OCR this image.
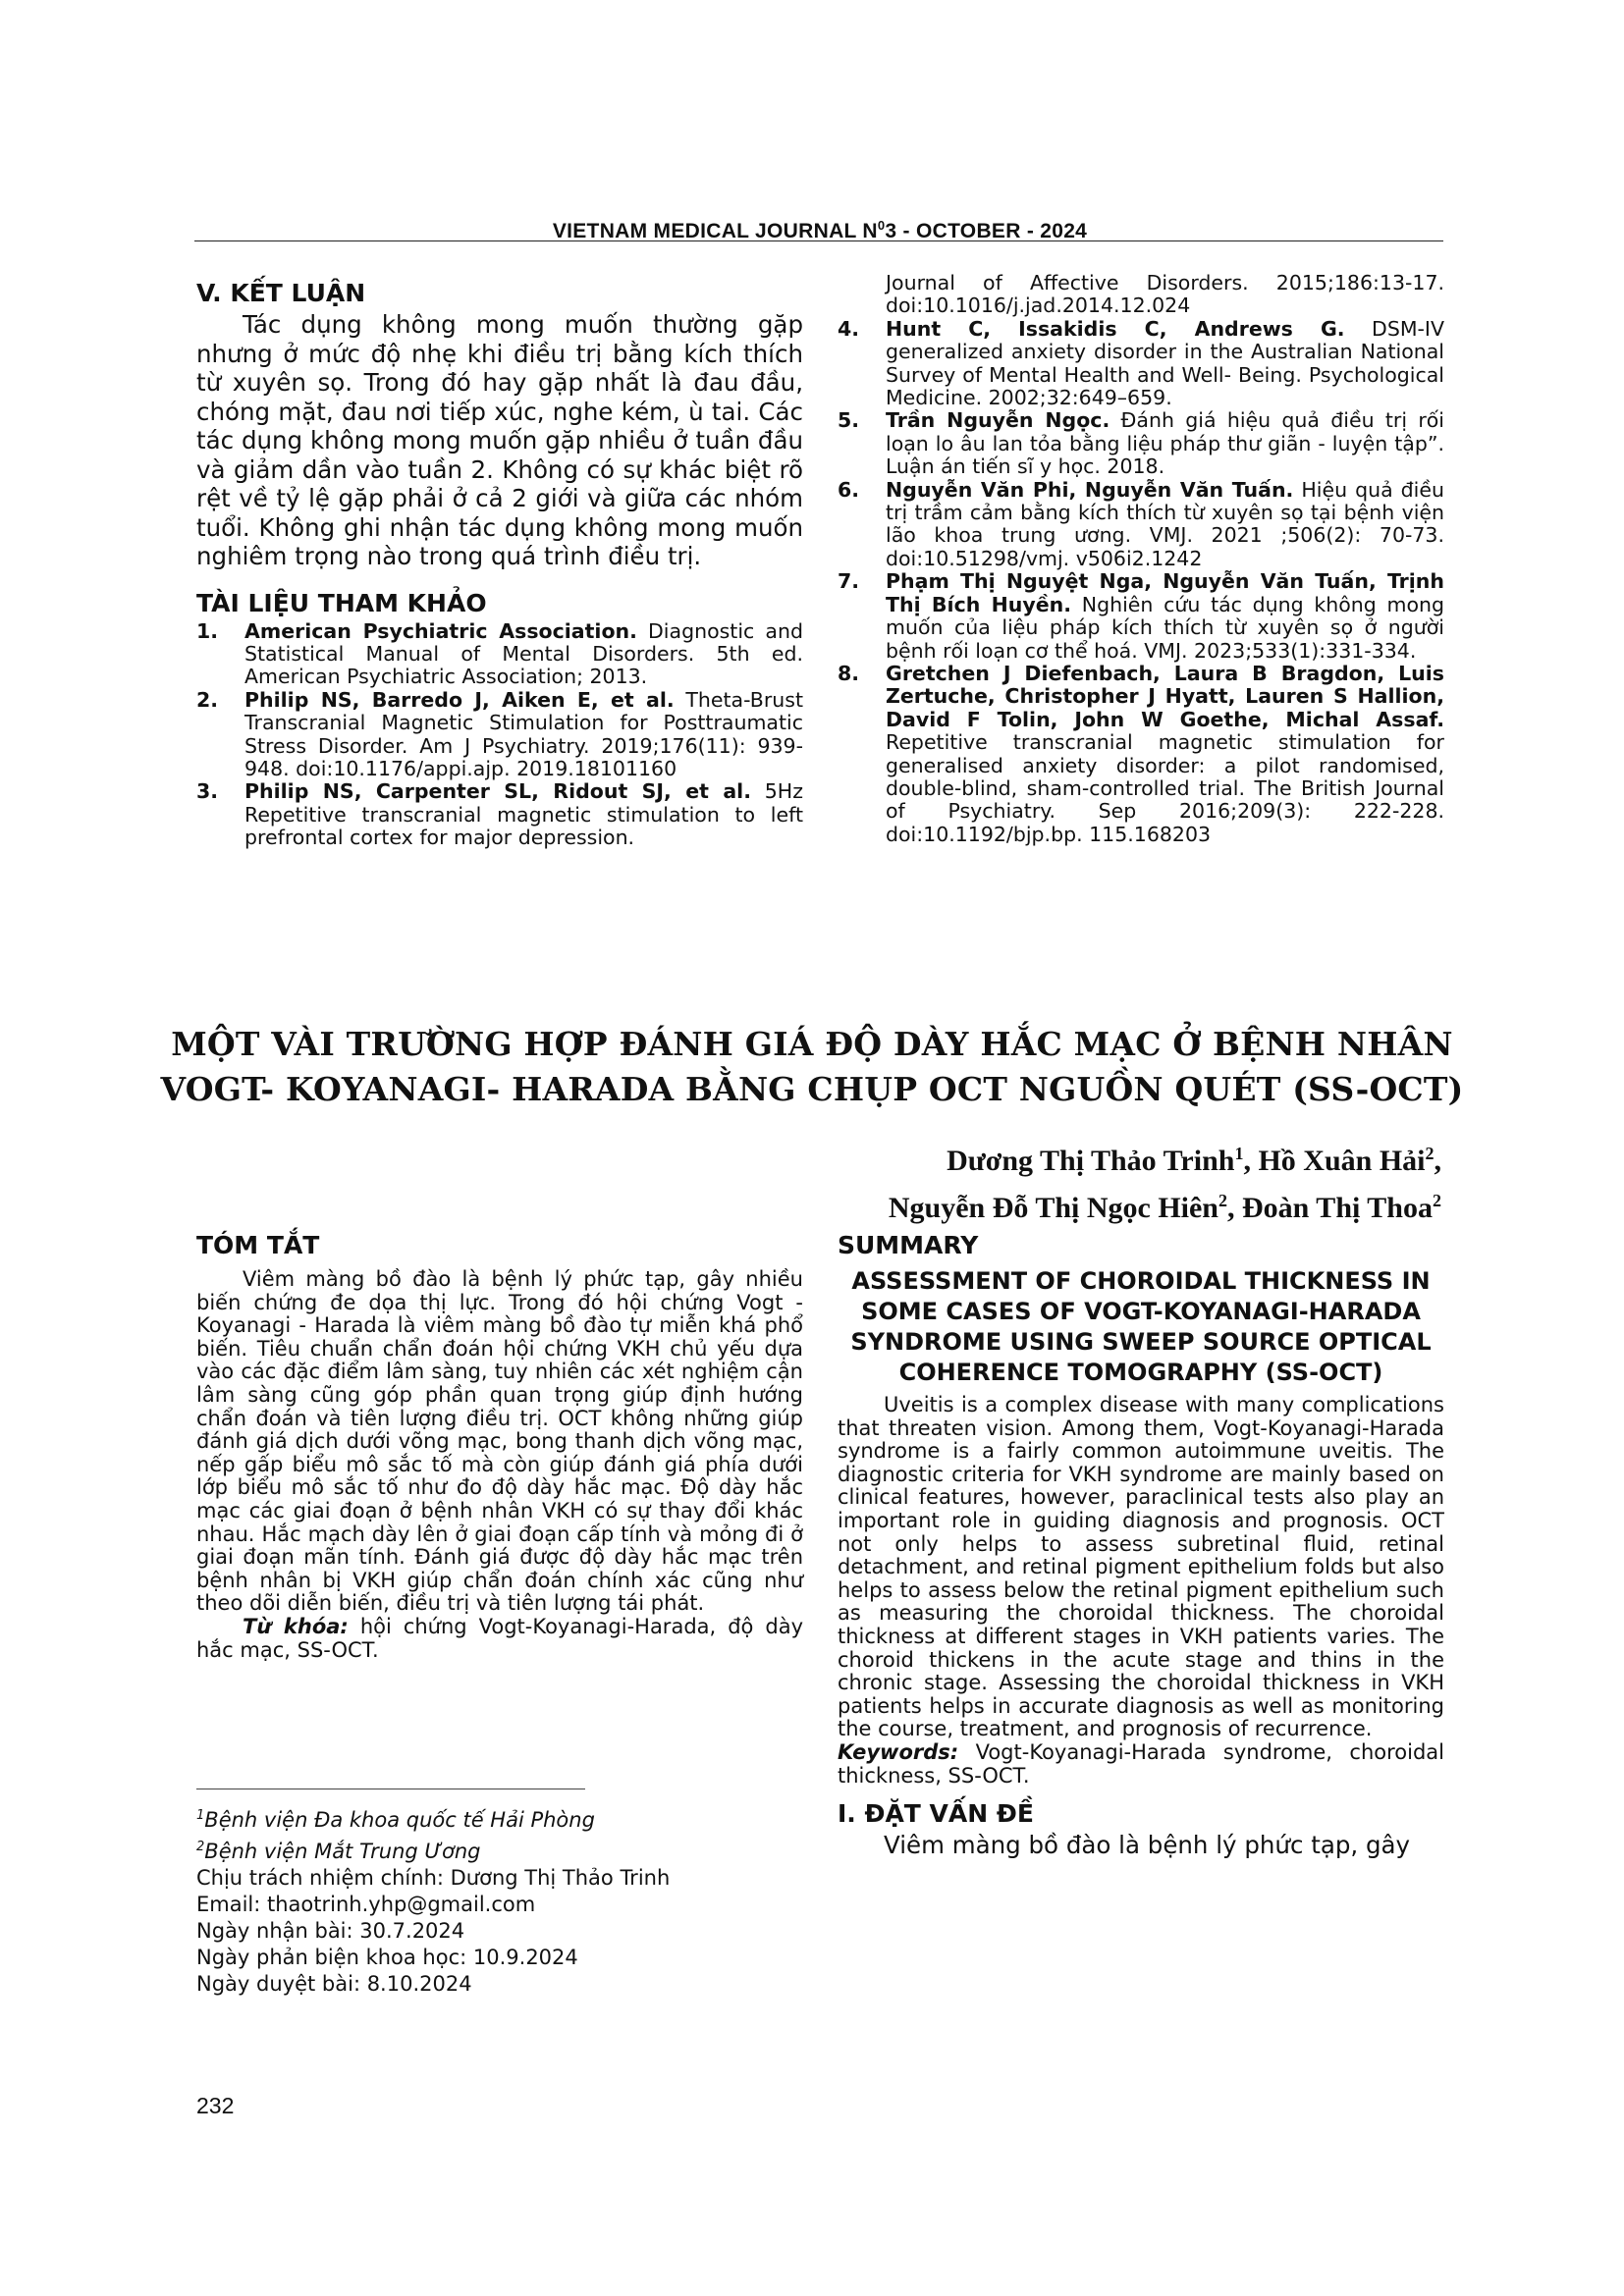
VIETNAM MEDICAL JOURNAL $N^03$ - OCTOBER - 2024
V. KẾT LUẬN

Tác dụng không mong muốn thường gặp nhưng ở mức độ nhẹ khi điều trị bằng kích thích từ xuyên sọ. Trong đó hay gặp nhất là đau đầu, chóng mặt, đau nơi tiếp xúc, nghe kém, ù tai. Các tác dụng không mong muốn gặp nhiều ở tuần đầu và giảm dần vào tuần 2. Không có sự khác biệt rõ rệt về tỷ lệ gặp phải ở cả 2 giới và giữa các nhóm tuổi. Không ghi nhận tác dụng không mong muốn nghiêm trọng nào trong quá trình điều trị.

TÀI LIỆU THAM KHẢO

1. American Psychiatric Association. Diagnostic and Statistical Manual of Mental Disorders. 5th ed. American Psychiatric Association; 2013.

2. Philip NS, Barredo J, Aiken E, et al. Theta-Brust Transcranial Magnetic Stimulation for Posttraumatic Stress Disorder. Am J Psychiatry. 2019;176(11): 939-948. doi:10.1176/appi.ajp. 2019.18101160

3. Philip NS, Carpenter SL, Ridout SJ, et al. 5Hz Repetitive transcranial magnetic stimulation to left prefrontal cortex for major depression.

Journal of Affective Disorders. 2015;186:13-17. doi:10.1016/j.jad.2014.12.024

4. Hunt C, Issakidis C, Andrews G. DSM-IV generalized anxiety disorder in the Australian National Survey of Mental Health and Well- Being. Psychological Medicine. 2002;32:649–659.

5. Trần Nguyễn Ngọc. Đánh giá hiệu quả điều trị rối loạn lo âu lan tỏa bằng liệu pháp thư giãn - luyện tập”. Luận án tiến sĩ y học. 2018.

6. Nguyễn Văn Phi, Nguyễn Văn Tuấn. Hiệu quả điều trị trầm cảm bằng kích thích từ xuyên sọ tại bệnh viện lão khoa trung ương. VMJ. 2021 ;506(2): 70-73. doi:10.51298/vmj. v506i2.1242

7. Phạm Thị Nguyệt Nga, Nguyễn Văn Tuấn, Trịnh Thị Bích Huyền. Nghiên cứu tác dụng không mong muốn của liệu pháp kích thích từ xuyên sọ ở người bệnh rối loạn cơ thể hoá. VMJ. 2023;533(1):331-334.

8. Gretchen J Diefenbach, Laura B Bragdon, Luis Zertuche, Christopher J Hyatt, Lauren S Hallion, David F Tolin, John W Goethe, Michal Assaf. Repetitive transcranial magnetic stimulation for generalised anxiety disorder: a pilot randomised, double-blind, sham-controlled trial. The British Journal of Psychiatry. Sep 2016;209(3): 222-228. doi:10.1192/bjp.bp. 115.168203

MỘT VÀI TRƯỜNG HỢP ĐÁNH GIÁ ĐỘ DÀY HẮC MẠC Ở BỆNH NHÂN
VOGT- KOYANAGI- HARADA BẰNG CHỤP OCT NGUỒN QUÉT (SS-OCT)
Dương Thị Thảo Trinh$^1$, Hồ Xuân Hải$^2$,
Nguyễn Đỗ Thị Ngọc Hiên$^2$, Đoàn Thị Thoa$^2$
TÓM TẮT

Viêm màng bồ đào là bệnh lý phức tạp, gây nhiều biến chứng đe dọa thị lực. Trong đó hội chứng Vogt - Koyanagi - Harada là viêm màng bồ đào tự miễn khá phổ biến. Tiêu chuẩn chẩn đoán hội chứng VKH chủ yếu dựa vào các đặc điểm lâm sàng, tuy nhiên các xét nghiệm cận lâm sàng cũng góp phần quan trọng giúp định hướng chẩn đoán và tiên lượng điều trị. OCT không những giúp đánh giá dịch dưới võng mạc, bong thanh dịch võng mạc, nếp gấp biểu mô sắc tố mà còn giúp đánh giá phía dưới lớp biểu mô sắc tố như đo độ dày hắc mạc. Độ dày hắc mạc các giai đoạn ở bệnh nhân VKH có sự thay đổi khác nhau. Hắc mạch dày lên ở giai đoạn cấp tính và mỏng đi ở giai đoạn mãn tính. Đánh giá được độ dày hắc mạc trên bệnh nhân bị VKH giúp chẩn đoán chính xác cũng như theo dõi diễn biến, điều trị và tiên lượng tái phát.

Từ khóa: hội chứng Vogt-Koyanagi-Harada, độ dày hắc mạc, SS-OCT.

$^1$Bệnh viện Đa khoa quốc tế Hải Phòng
$^2$Bệnh viện Mắt Trung Ương
Chịu trách nhiệm chính: Dương Thị Thảo Trinh
Email: thaotrinh.yhp@gmail.com
Ngày nhận bài: 30.7.2024
Ngày phản biện khoa học: 10.9.2024
Ngày duyệt bài: 8.10.2024
SUMMARY
ASSESSMENT OF CHOROIDAL THICKNESS IN SOME CASES OF VOGT-KOYANAGI-HARADA SYNDROME USING SWEEP SOURCE OPTICAL COHERENCE TOMOGRAPHY (SS-OCT)

Uveitis is a complex disease with many complications that threaten vision. Among them, Vogt-Koyanagi-Harada syndrome is a fairly common autoimmune uveitis. The diagnostic criteria for VKH syndrome are mainly based on clinical features, however, paraclinical tests also play an important role in guiding diagnosis and prognosis. OCT not only helps to assess subretinal fluid, retinal detachment, and retinal pigment epithelium folds but also helps to assess below the retinal pigment epithelium such as measuring the choroidal thickness. The choroidal thickness at different stages in VKH patients varies. The choroid thickens in the acute stage and thins in the chronic stage. Assessing the choroidal thickness in VKH patients helps in accurate diagnosis as well as monitoring the course, treatment, and prognosis of recurrence.

Keywords: Vogt-Koyanagi-Harada syndrome, choroidal thickness, SS-OCT.

I. ĐẶT VẤN ĐỀ

Viêm màng bồ đào là bệnh lý phức tạp, gây

232
